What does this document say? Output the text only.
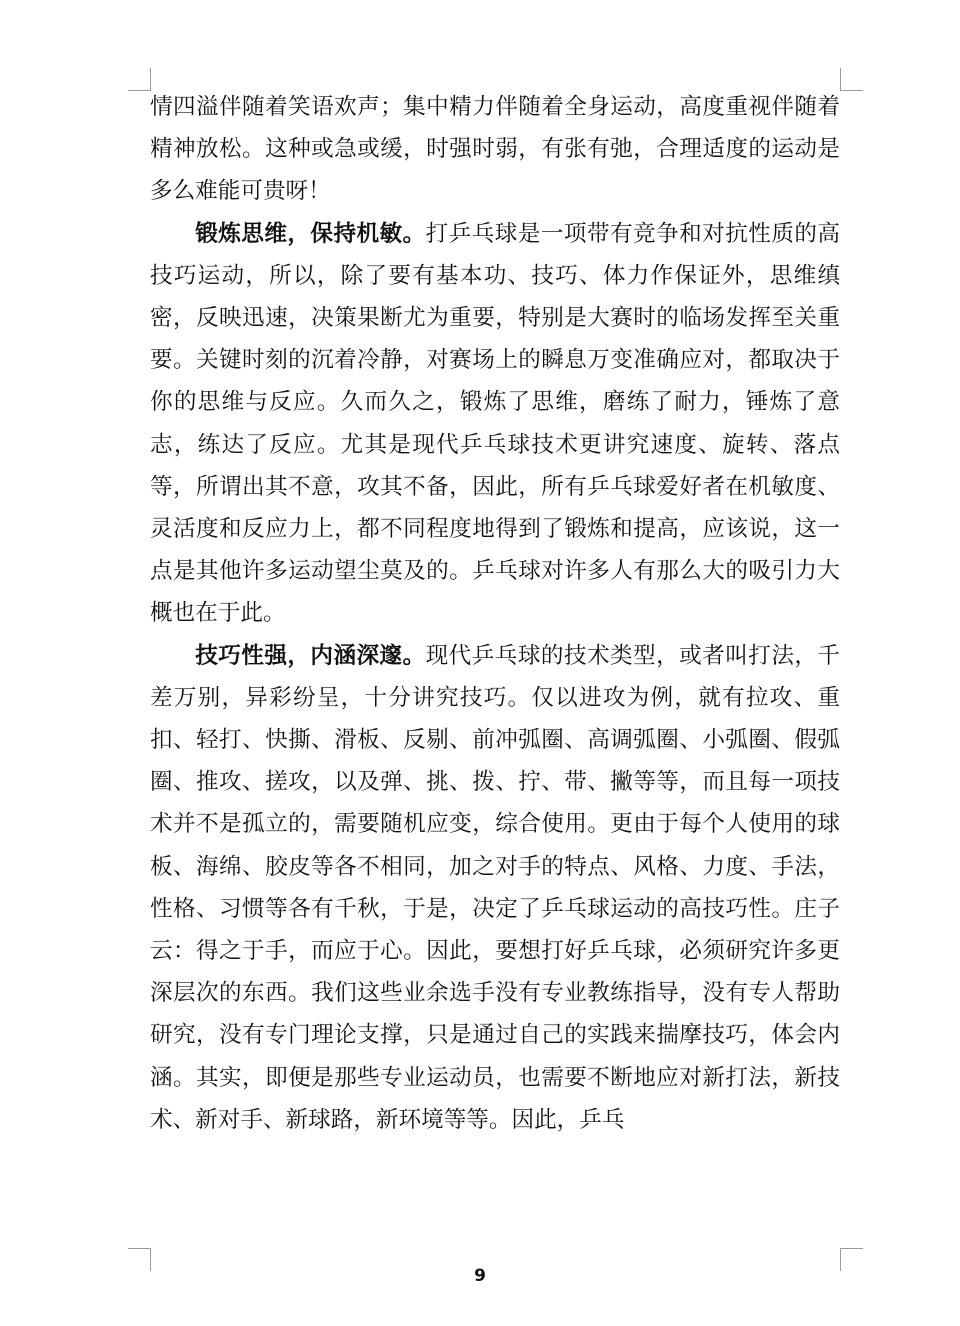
情四溢伴随着笑语欢声；集中精力伴随着全身运动，高度重视伴随着精神放松。这种或急或缓，时强时弱，有张有弛，合理适度的运动是多么难能可贵呀！

锻炼思维，保持机敏。打乒乓球是一项带有竞争和对抗性质的高技巧运动，所以，除了要有基本功、技巧、体力作保证外，思维缜密，反映迅速，决策果断尤为重要，特别是大赛时的临场发挥至关重要。关键时刻的沉着冷静，对赛场上的瞬息万变准确应对，都取决于你的思维与反应。久而久之，锻炼了思维，磨练了耐力，锤炼了意志，练达了反应。尤其是现代乒乓球技术更讲究速度、旋转、落点等，所谓出其不意，攻其不备，因此，所有乒乓球爱好者在机敏度、灵活度和反应力上，都不同程度地得到了锻炼和提高，应该说，这一点是其他许多运动望尘莫及的。乒乓球对许多人有那么大的吸引力大概也在于此。

技巧性强，内涵深邃。现代乒乓球的技术类型，或者叫打法，千差万别，异彩纷呈，十分讲究技巧。仅以进攻为例，就有拉攻、重扣、轻打、快撕、滑板、反剔、前冲弧圈、高调弧圈、小弧圈、假弧圈、推攻、搓攻，以及弹、挑、拨、拧、带、撇等等，而且每一项技术并不是孤立的，需要随机应变，综合使用。更由于每个人使用的球板、海绵、胶皮等各不相同，加之对手的特点、风格、力度、手法，性格、习惯等各有千秋，于是，决定了乒乓球运动的高技巧性。庄子云：得之于手，而应于心。因此，要想打好乒乓球，必须研究许多更深层次的东西。我们这些业余选手没有专业教练指导，没有专人帮助研究，没有专门理论支撑，只是通过自己的实践来揣摩技巧，体会内涵。其实，即便是那些专业运动员，也需要不断地应对新打法，新技术、新对手、新球路，新环境等等。因此，乒乓

9
